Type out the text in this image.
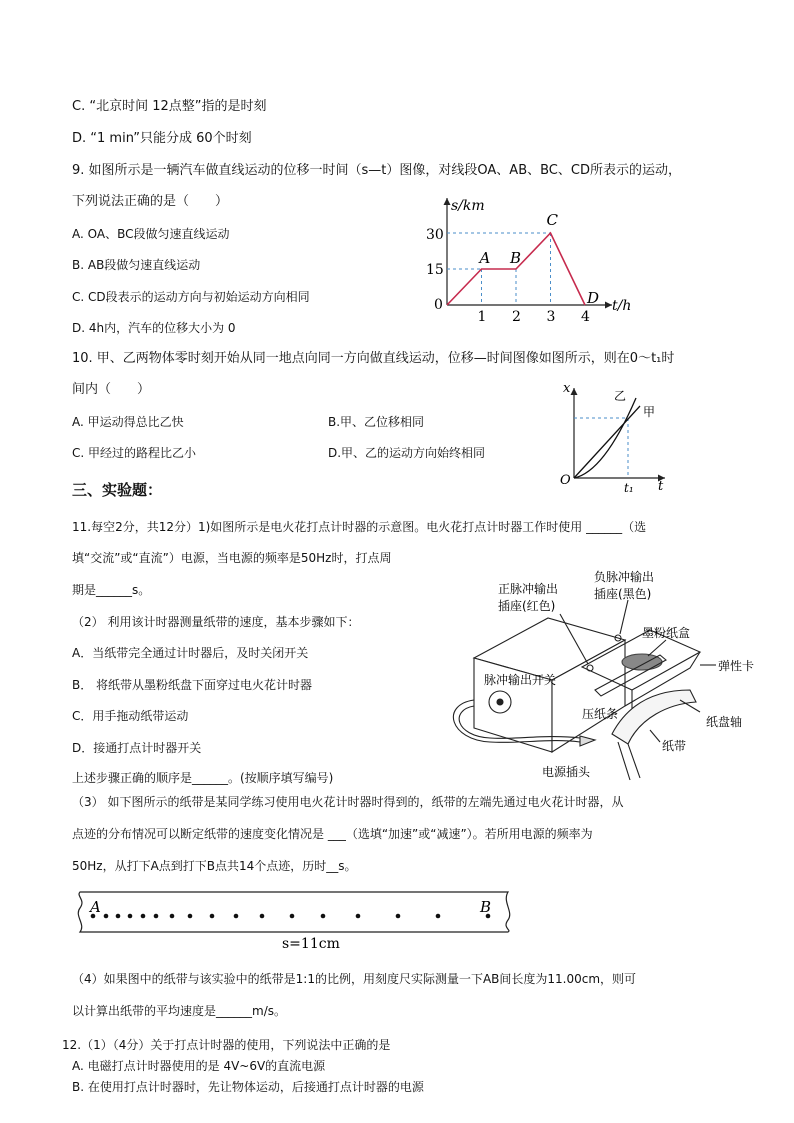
C. “北京时间 12点整”指的是时刻
D. “1 min”只能分成 60个时刻
9. 如图所示是一辆汽车做直线运动的位移一时间（s—t）图像，对线段OA、AB、BC、CD所表示的运动，
下列说法正确的是（　　）
A. OA、BC段做匀速直线运动
B. AB段做匀速直线运动
C. CD段表示的运动方向与初始运动方向相同
D. 4h内，汽车的位移大小为 0
s/km
t/h
30
15
0
1 2 3 4
A B
C
D
10. 甲、乙两物体零时刻开始从同一地点向同一方向做直线运动，位移—时间图像如图所示，则在0～t₁时
间内（　　）
A. 甲运动得总比乙快	B.甲、乙位移相同
C. 甲经过的路程比乙小	D.甲、乙的运动方向始终相同
x	乙
甲
O	t₁ t
三、实验题：
11.每空2分，共12分）1)如图所示是电火花打点计时器的示意图。电火花打点计时器工作时使用 ______（选
填“交流”或“直流”）电源，当电源的频率是50Hz时，打点周
期是______s。
（2） 利用该计时器测量纸带的速度，基本步骤如下：
A．当纸带完全通过计时器后，及时关闭开关
B． 将纸带从墨粉纸盘下面穿过电火花计时器
C．用手拖动纸带运动
D．接通打点计时器开关
上述步骤正确的顺序是______。(按顺序填写编号)
（3） 如下图所示的纸带是某同学练习使用电火花计时器时得到的，纸带的左端先通过电火花计时器，从
点迹的分布情况可以断定纸带的速度变化情况是 ___（选填“加速”或“减速”）。若所用电源的频率为
50Hz，从打下A点到打下B点共14个点迹，历时__s。
正脉冲输出
插座(红色)
负脉冲输出
插座(黑色)
墨粉纸盒
弹性卡
脉冲输出开关
压纸条
纸盘轴
纸带
电源插头
A	B
s=11cm
（4）如果图中的纸带与该实验中的纸带是1:1的比例，用刻度尺实际测量一下AB间长度为11.00cm，则可
以计算出纸带的平均速度是______m/s。
12.（1）（4分）关于打点计时器的使用，下列说法中正确的是
A. 电磁打点计时器使用的是 4V~6V的直流电源
B. 在使用打点计时器时，先让物体运动，后接通打点计时器的电源
